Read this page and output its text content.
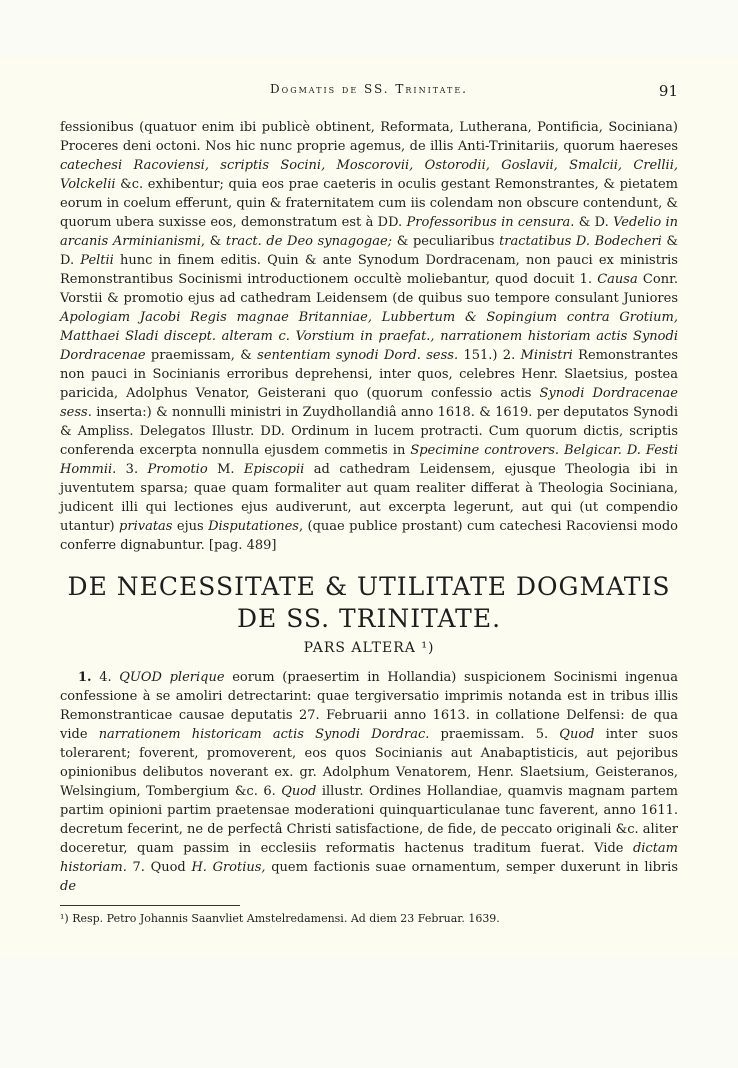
Dogmatis de SS. Trinitate.	91

fessionibus (quatuor enim ibi publicè obtinent, Reformata, Lutherana, Pontificia, Sociniana) Proceres deni octoni. Nos hic nunc proprie agemus, de illis Anti-Trinitariis, quorum haereses catechesi Racoviensi, scriptis Socini, Moscorovii, Ostorodii, Goslavii, Smalcii, Crellii, Volckelii &c. exhibentur; quia eos prae caeteris in oculis gestant Remonstrantes, & pietatem eorum in coelum efferunt, quin & fraternitatem cum iis colendam non obscure contendunt, & quorum ubera suxisse eos, demonstratum est à DD. Professoribus in censura. & D. Vedelio in arcanis Arminianismi, & tract. de Deo synagogae; & peculiaribus tractatibus D. Bodecheri & D. Peltii hunc in finem editis. Quin & ante Synodum Dordracenam, non pauci ex ministris Remonstrantibus Socinismi introductionem occultè moliebantur, quod docuit 1. Causa Conr. Vorstii & promotio ejus ad cathedram Leidensem (de quibus suo tempore consulant Juniores Apologiam Jacobi Regis magnae Britanniae, Lubbertum & Sopingium contra Grotium, Matthaei Sladi discept. alteram c. Vorstium in praefat., narrationem historiam actis Synodi Dordracenae praemissam, & sententiam synodi Dord. sess. 151.) 2. Ministri Remonstrantes non pauci in Socinianis erroribus deprehensi, inter quos, celebres Henr. Slaetsius, postea paricida, Adolphus Venator, Geisterani quo (quorum confessio actis Synodi Dordracenae sess. inserta:) & nonnulli ministri in Zuydhollandiâ anno 1618. & 1619. per deputatos Synodi & Ampliss. Delegatos Illustr. DD. Ordinum in lucem protracti. Cum quorum dictis, scriptis conferenda excerpta nonnulla ejusdem commetis in Specimine controvers. Belgicar. D. Festi Hommii. 3. Promotio M. Episcopii ad cathedram Leidensem, ejusque Theologia ibi in juventutem sparsa; quae quam formaliter aut quam realiter differat à Theologia Sociniana, judicent illi qui lectiones ejus audiverunt, aut excerpta legerunt, aut qui (ut compendio utantur) privatas ejus Disputationes, (quae publice prostant) cum catechesi Racoviensi modo conferre dignabuntur. [pag. 489]

DE NECESSITATE & UTILITATE DOGMATIS
DE SS. TRINITATE.
PARS ALTERA ¹)

1. 4. QUOD plerique eorum (praesertim in Hollandia) suspicionem Socinismi ingenua confessione à se amoliri detrectarint: quae tergiversatio imprimis notanda est in tribus illis Remonstranticae causae deputatis 27. Februarii anno 1613. in collatione Delfensi: de qua vide narrationem historicam actis Synodi Dordrac. praemissam. 5. Quod inter suos tolerarent; foverent, promoverent, eos quos Socinianis aut Anabaptisticis, aut pejoribus opinionibus delibutos noverant ex. gr. Adolphum Venatorem, Henr. Slaetsium, Geisteranos, Welsingium, Tombergium &c. 6. Quod illustr. Ordines Hollandiae, quamvis magnam partem partim opinioni partim praetensae moderationi quinquarticulanae tunc faverent, anno 1611. decretum fecerint, ne de perfectâ Christi satisfactione, de fide, de peccato originali &c. aliter doceretur, quam passim in ecclesiis reformatis hactenus traditum fuerat. Vide dictam historiam. 7. Quod H. Grotius, quem factionis suae ornamentum, semper duxerunt in libris de

¹) Resp. Petro Johannis Saanvliet Amstelredamensi. Ad diem 23 Februar. 1639.
